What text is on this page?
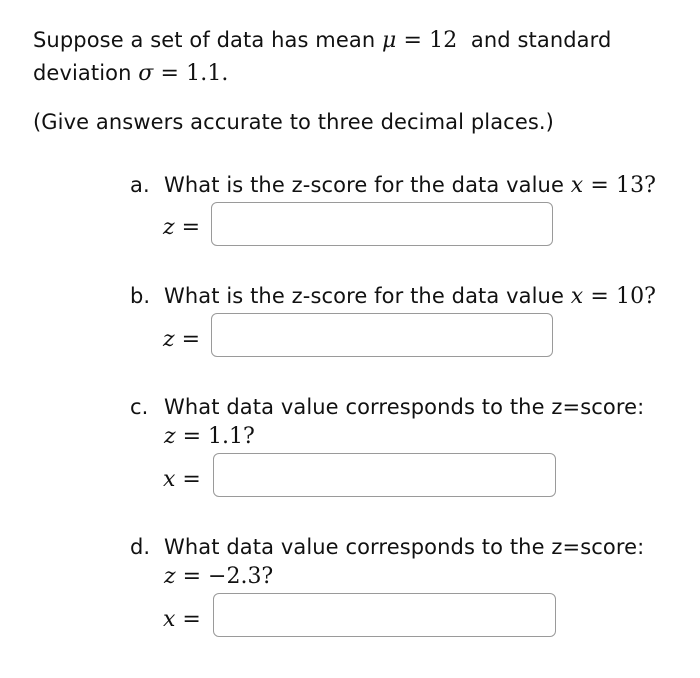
Suppose a set of data has mean μ = 12  and standard
deviation σ = 1.1.
(Give answers accurate to three decimal places.)
a. What is the z-score for the data value x = 13?
z =
b. What is the z-score for the data value x = 10?
z =
c. What data value corresponds to the z=score:
z = 1.1?
x =
d. What data value corresponds to the z=score:
z = −2.3?
x =
